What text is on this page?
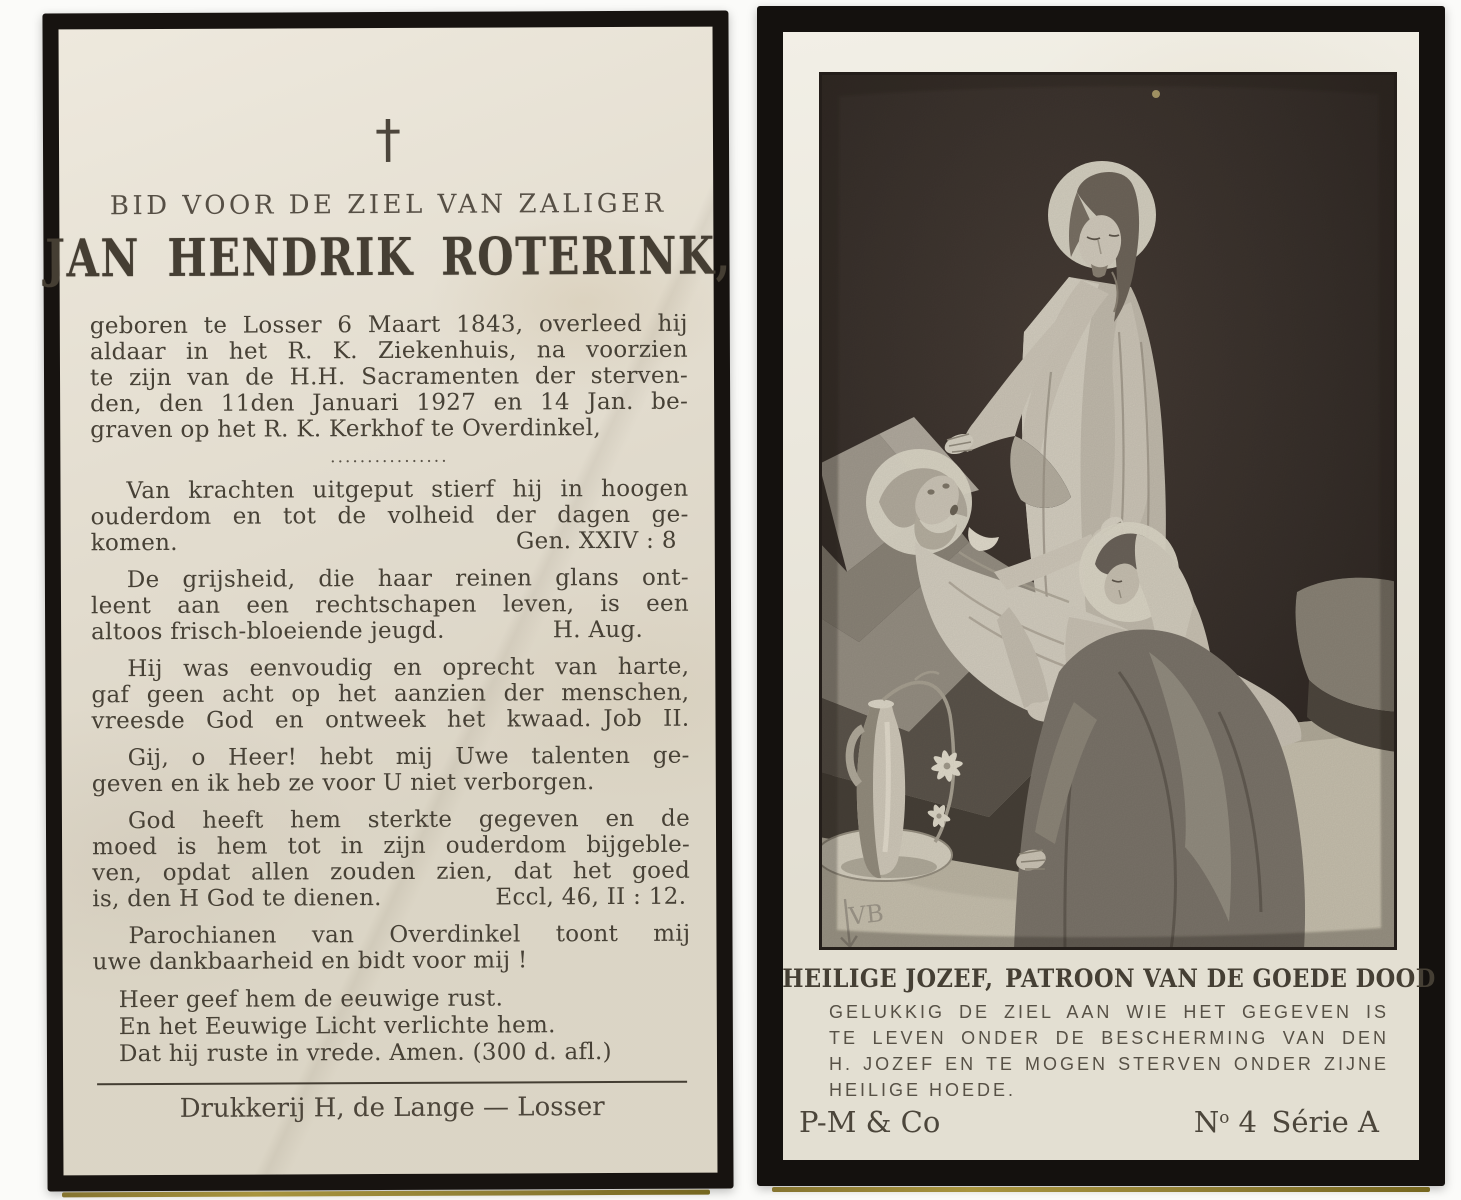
†
BID VOOR DE ZIEL VAN ZALIGER
JAN HENDRIK ROTERINK,
geboren te Losser 6 Maart 1843, overleed hij
aldaar in het R. K. Ziekenhuis, na voorzien
te zijn van de H.H. Sacramenten der sterven-
den, den 11den Januari 1927 en 14 Jan. be-
graven op het R. K. Kerkhof te Overdinkel,
................
Van krachten uitgeput stierf hij in hoogen
ouderdom en tot de volheid der dagen ge-
komen.	Gen. XXIV : 8
De grijsheid, die haar reinen glans ont-
leent aan een rechtschapen leven, is een
altoos frisch-bloeiende jeugd.	H. Aug.
Hij was eenvoudig en oprecht van harte,
gaf geen acht op het aanzien der menschen,
vreesde God en ontweek het kwaad. Job II.
Gij, o Heer! hebt mij Uwe talenten ge-
geven en ik heb ze voor U niet verborgen.
God heeft hem sterkte gegeven en de
moed is hem tot in zijn ouderdom bijgeble-
ven, opdat allen zouden zien, dat het goed
is, den H God te dienen.	Eccl, 46, II : 12.
Parochianen van Overdinkel toont mij
uwe dankbaarheid en bidt voor mij !
Heer geef hem de eeuwige rust.
En het Eeuwige Licht verlichte hem.
Dat hij ruste in vrede. Amen. (300 d. afl.)
Drukkerij H, de Lange — Losser
VB
HEILIGE JOZEF, PATROON VAN DE GOEDE DOOD
GELUKKIG DE ZIEL AAN WIE HET GEGEVEN IS
TE LEVEN ONDER DE BESCHERMING VAN DEN
H. JOZEF EN TE MOGEN STERVEN ONDER ZIJNE
HEILIGE HOEDE.
P-M & Co	$N^o$ 4 Série A
